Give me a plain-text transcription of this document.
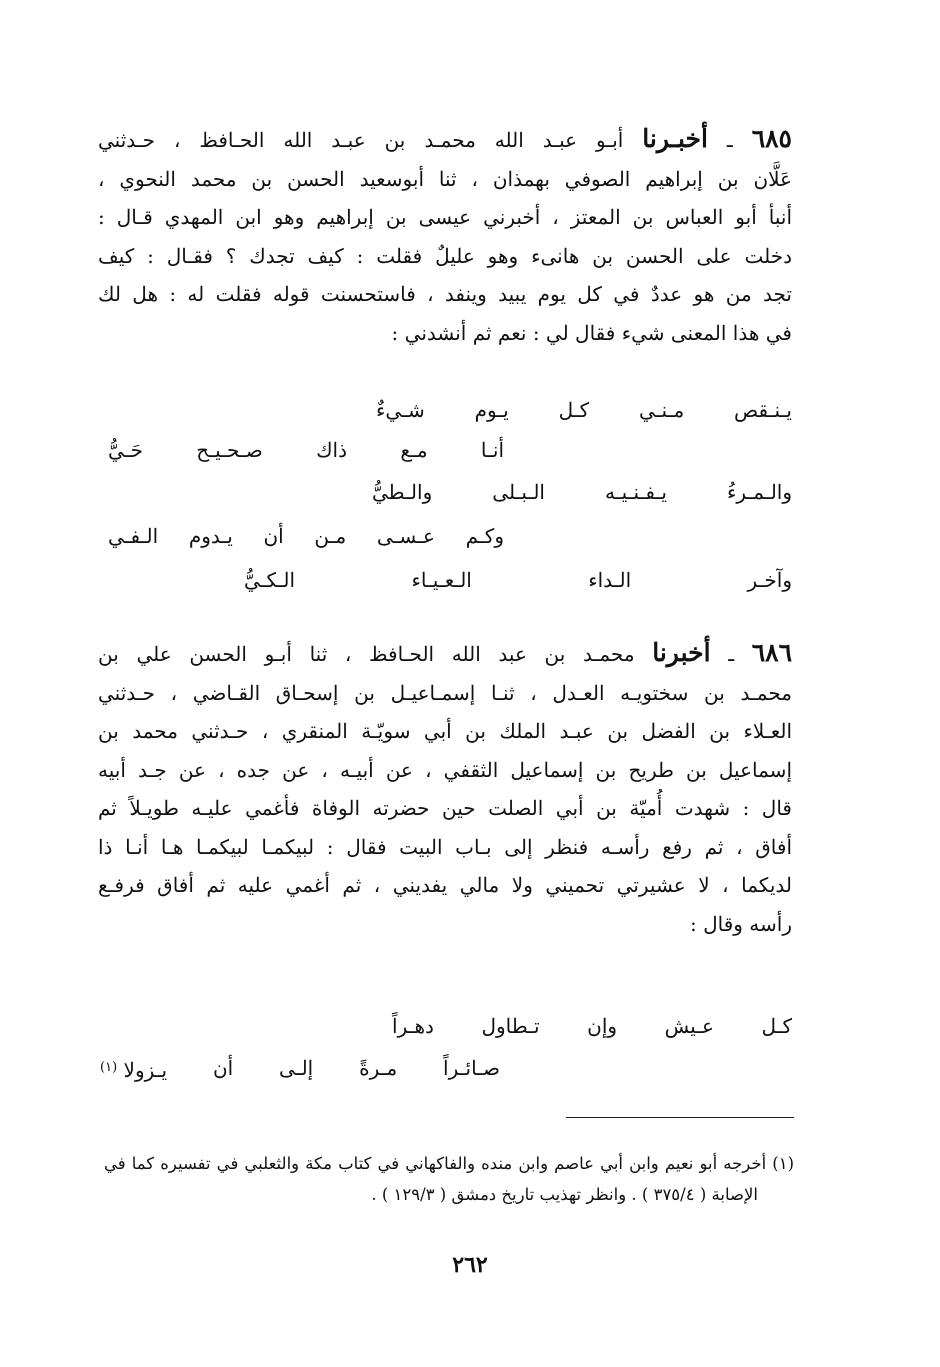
٦٨٥ ـ أخبـرنا أبـو عبـد الله محمـد بن عبـد الله الحـافظ ، حـدثني
عَلَّان بن إبراهيم الصوفي بهمذان ، ثنا أبوسعيد الحسن بن محمد النحوي ،
أنبأ أبو العباس بن المعتز ، أخبرني عيسى بن إبراهيم وهو ابن المهدي قـال :
دخلت على الحسن بن هانىء وهو عليلٌ فقلت : كيف تجدك ؟ فقـال : كيف
تجد من هو عددٌ في كل يوم يبيد وينفد ، فاستحسنت قوله فقلت له : هل لك
في هذا المعنى شيء فقال لي : نعم ثم أنشدني :
يـنـقص
مـنـي
كـل
يـوم
شـيءٌ
أنـا
مـع
ذاك
صـحـيـح
حَـيُّ
والـمـرءُ
يـفـنـيـه
الـبـلى
والـطيُّ
وكـم
عـسـى
مـن
أن
يـدوم
الـفـي
وآخـر
الـداء
الـعـيـاء
الـكـيُّ
٦٨٦ ـ أخبرنا محمـد بن عبد الله الحـافظ ، ثنا أبـو الحسن علي بن
محمـد بن سختويـه العـدل ، ثنـا إسمـاعيـل بن إسحـاق القـاضي ، حـدثني
العـلاء بن الفضل بن عبـد الملك بن أبي سويّـة المنقري ، حـدثني محمد بن
إسماعيل بن طريح بن إسماعيل الثقفي ، عن أبيـه ، عن جده ، عن جـد أبيه
قال : شهدت أُميّة بن أبي الصلت حين حضرته الوفاة فأغمي عليـه طويـلاً ثم
أفاق ، ثم رفع رأسـه فنظر إلى بـاب البيت فقال : لبيكمـا لبيكمـا هـا أنـا ذا
لديكما ، لا عشيرتي تحميني ولا مالي يفديني ، ثم أغمي عليه ثم أفاق فرفـع
رأسه وقال :
كـل
عـيش
وإن
تـطاول
دهـراً
صـائـراً
مـرةً
إلـى
أن
يـزولا $^{(١)}$
(١) أخرجه أبو نعيم وابن أبي عاصم وابن منده والفاكهاني في كتاب مكة والثعلبي في تفسيره كما في
الإصابة ( ٣٧٥/٤ ) . وانظر تهذيب تاريخ دمشق ( ١٢٩/٣ ) .
٢٦٢
